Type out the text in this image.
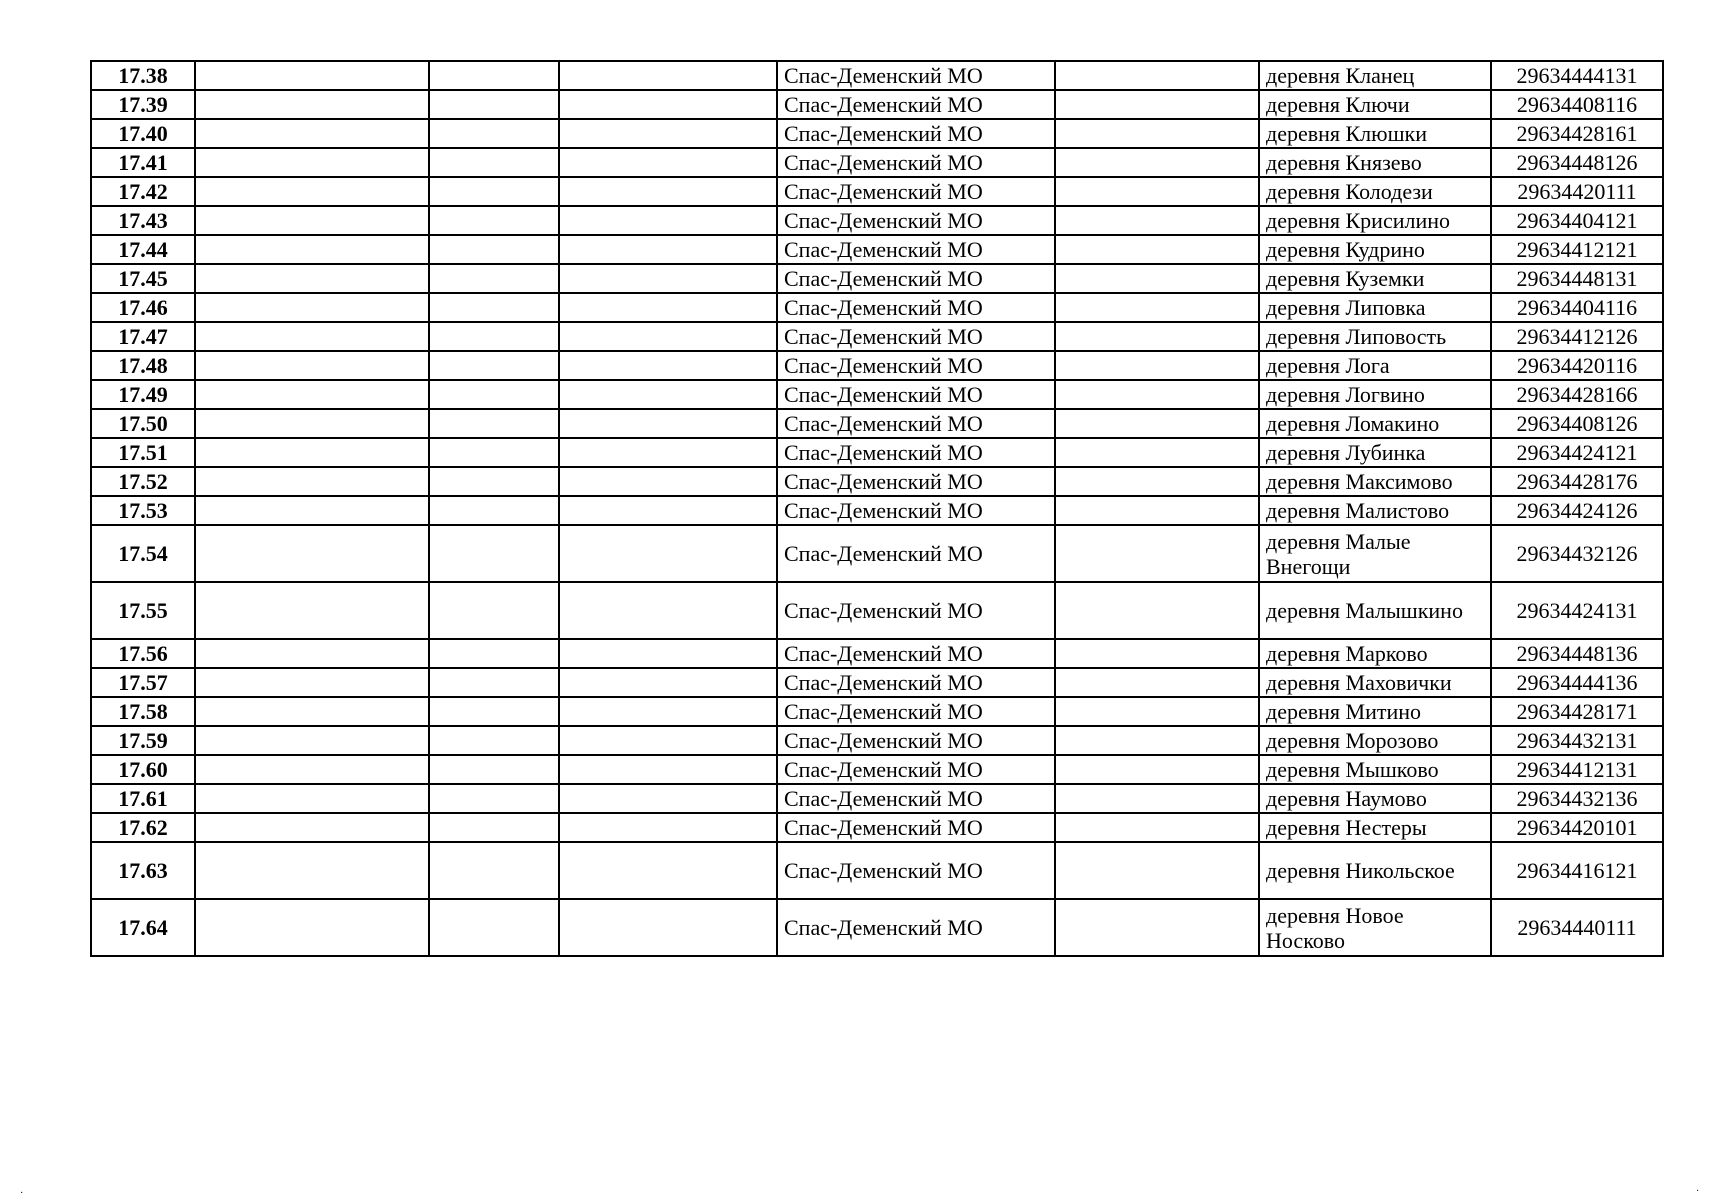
17.38				Спас-Деменский МО		деревня Кланец	29634444131
17.39				Спас-Деменский МО		деревня Ключи	29634408116
17.40				Спас-Деменский МО		деревня Клюшки	29634428161
17.41				Спас-Деменский МО		деревня Князево	29634448126
17.42				Спас-Деменский МО		деревня Колодези	29634420111
17.43				Спас-Деменский МО		деревня Крисилино	29634404121
17.44				Спас-Деменский МО		деревня Кудрино	29634412121
17.45				Спас-Деменский МО		деревня Куземки	29634448131
17.46				Спас-Деменский МО		деревня Липовка	29634404116
17.47				Спас-Деменский МО		деревня Липовость	29634412126
17.48				Спас-Деменский МО		деревня Лога	29634420116
17.49				Спас-Деменский МО		деревня Логвино	29634428166
17.50				Спас-Деменский МО		деревня Ломакино	29634408126
17.51				Спас-Деменский МО		деревня Лубинка	29634424121
17.52				Спас-Деменский МО		деревня Максимово	29634428176
17.53				Спас-Деменский МО		деревня Малистово	29634424126
17.54				Спас-Деменский МО		деревня Малые Внегощи	29634432126
17.55				Спас-Деменский МО		деревня Малышкино	29634424131
17.56				Спас-Деменский МО		деревня Марково	29634448136
17.57				Спас-Деменский МО		деревня Маховички	29634444136
17.58				Спас-Деменский МО		деревня Митино	29634428171
17.59				Спас-Деменский МО		деревня Морозово	29634432131
17.60				Спас-Деменский МО		деревня Мышково	29634412131
17.61				Спас-Деменский МО		деревня Наумово	29634432136
17.62				Спас-Деменский МО		деревня Нестеры	29634420101
17.63				Спас-Деменский МО		деревня Никольское	29634416121
17.64				Спас-Деменский МО		деревня Новое Носково	29634440111
·	·
